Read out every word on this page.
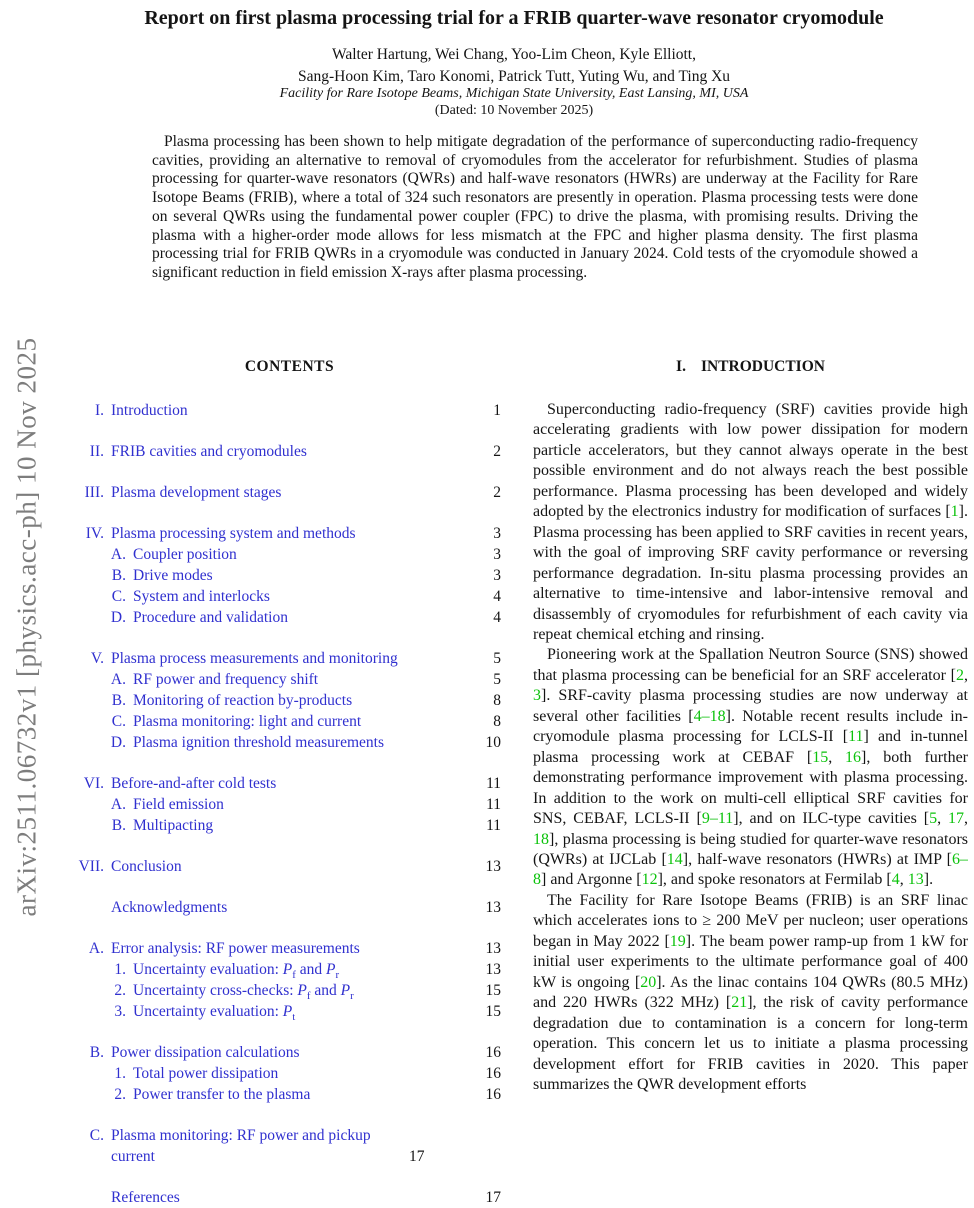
arXiv:2511.06732v1 [physics.acc-ph] 10 Nov 2025
Report on first plasma processing trial for a FRIB quarter-wave resonator cryomodule
Walter Hartung, Wei Chang, Yoo-Lim Cheon, Kyle Elliott,
Sang-Hoon Kim, Taro Konomi, Patrick Tutt, Yuting Wu, and Ting Xu
Facility for Rare Isotope Beams, Michigan State University, East Lansing, MI, USA
(Dated: 10 November 2025)
Plasma processing has been shown to help mitigate degradation of the performance of superconducting radio-frequency cavities, providing an alternative to removal of cryomodules from the accelerator for refurbishment. Studies of plasma processing for quarter-wave resonators (QWRs) and half-wave resonators (HWRs) are underway at the Facility for Rare Isotope Beams (FRIB), where a total of 324 such resonators are presently in operation. Plasma processing tests were done on several QWRs using the fundamental power coupler (FPC) to drive the plasma, with promising results. Driving the plasma with a higher-order mode allows for less mismatch at the FPC and higher plasma density. The first plasma processing trial for FRIB QWRs in a cryomodule was conducted in January 2024. Cold tests of the cryomodule showed a significant reduction in field emission X-rays after plasma processing.
CONTENTS
I. Introduction	1
II. FRIB cavities and cryomodules	2
III. Plasma development stages	2
IV. Plasma processing system and methods	3
A. Coupler position	3
B. Drive modes	3
C. System and interlocks	4
D. Procedure and validation	4
V. Plasma process measurements and monitoring	5
A. RF power and frequency shift	5
B. Monitoring of reaction by-products	8
C. Plasma monitoring: light and current	8
D. Plasma ignition threshold measurements	10
VI. Before-and-after cold tests	11
A. Field emission	11
B. Multipacting	11
VII. Conclusion	13
Acknowledgments	13
A. Error analysis: RF power measurements	13
1. Uncertainty evaluation: $P_f$ and $P_r$	13
2. Uncertainty cross-checks: $P_f$ and $P_r$	15
3. Uncertainty evaluation: $P_t$	15
B. Power dissipation calculations	16
1. Total power dissipation	16
2. Power transfer to the plasma	16
C. Plasma monitoring: RF power and pickup current	17
References	17
I. INTRODUCTION

Superconducting radio-frequency (SRF) cavities provide high accelerating gradients with low power dissipation for modern particle accelerators, but they cannot always operate in the best possible environment and do not always reach the best possible performance. Plasma processing has been developed and widely adopted by the electronics industry for modification of surfaces [1]. Plasma processing has been applied to SRF cavities in recent years, with the goal of improving SRF cavity performance or reversing performance degradation. In-situ plasma processing provides an alternative to time-intensive and labor-intensive removal and disassembly of cryomodules for refurbishment of each cavity via repeat chemical etching and rinsing.

Pioneering work at the Spallation Neutron Source (SNS) showed that plasma processing can be beneficial for an SRF accelerator [2, 3]. SRF-cavity plasma processing studies are now underway at several other facilities [4–18]. Notable recent results include in-cryomodule plasma processing for LCLS-II [11] and in-tunnel plasma processing work at CEBAF [15, 16], both further demonstrating performance improvement with plasma processing. In addition to the work on multi-cell elliptical SRF cavities for SNS, CEBAF, LCLS-II [9–11], and on ILC-type cavities [5, 17, 18], plasma processing is being studied for quarter-wave resonators (QWRs) at IJCLab [14], half-wave resonators (HWRs) at IMP [6–8] and Argonne [12], and spoke resonators at Fermilab [4, 13].

The Facility for Rare Isotope Beams (FRIB) is an SRF linac which accelerates ions to ≥ 200 MeV per nucleon; user operations began in May 2022 [19]. The beam power ramp-up from 1 kW for initial user experiments to the ultimate performance goal of 400 kW is ongoing [20]. As the linac contains 104 QWRs (80.5 MHz) and 220 HWRs (322 MHz) [21], the risk of cavity performance degradation due to contamination is a concern for long-term operation. This concern let us to initiate a plasma processing development effort for FRIB cavities in 2020. This paper summarizes the QWR development efforts
